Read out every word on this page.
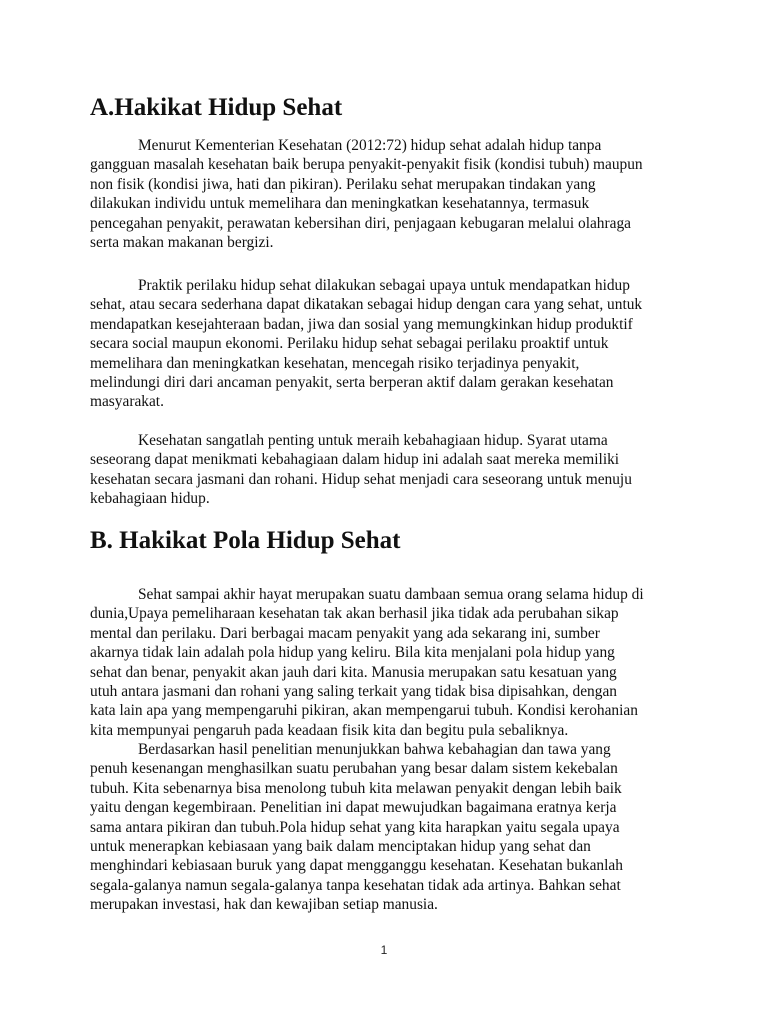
A.Hakikat Hidup Sehat

Menurut Kementerian Kesehatan (2012:72) hidup sehat adalah hidup tanpa
gangguan masalah kesehatan baik berupa penyakit-penyakit fisik (kondisi tubuh) maupun
non fisik (kondisi jiwa, hati dan pikiran). Perilaku sehat merupakan tindakan yang
dilakukan individu untuk memelihara dan meningkatkan kesehatannya, termasuk
pencegahan penyakit, perawatan kebersihan diri, penjagaan kebugaran melalui olahraga
serta makan makanan bergizi.

Praktik perilaku hidup sehat dilakukan sebagai upaya untuk mendapatkan hidup
sehat, atau secara sederhana dapat dikatakan sebagai hidup dengan cara yang sehat, untuk
mendapatkan kesejahteraan badan, jiwa dan sosial yang memungkinkan hidup produktif
secara social maupun ekonomi. Perilaku hidup sehat sebagai perilaku proaktif untuk
memelihara dan meningkatkan kesehatan, mencegah risiko terjadinya penyakit,
melindungi diri dari ancaman penyakit, serta berperan aktif dalam gerakan kesehatan
masyarakat.

Kesehatan sangatlah penting untuk meraih kebahagiaan hidup. Syarat utama
seseorang dapat menikmati kebahagiaan dalam hidup ini adalah saat mereka memiliki
kesehatan secara jasmani dan rohani. Hidup sehat menjadi cara seseorang untuk menuju
kebahagiaan hidup.

B. Hakikat Pola Hidup Sehat

Sehat sampai akhir hayat merupakan suatu dambaan semua orang selama hidup di
dunia,Upaya pemeliharaan kesehatan tak akan berhasil jika tidak ada perubahan sikap
mental dan perilaku. Dari berbagai macam penyakit yang ada sekarang ini, sumber
akarnya tidak lain adalah pola hidup yang keliru. Bila kita menjalani pola hidup yang
sehat dan benar, penyakit akan jauh dari kita. Manusia merupakan satu kesatuan yang
utuh antara jasmani dan rohani yang saling terkait yang tidak bisa dipisahkan, dengan
kata lain apa yang mempengaruhi pikiran, akan mempengarui tubuh. Kondisi kerohanian
kita mempunyai pengaruh pada keadaan fisik kita dan begitu pula sebaliknya.

Berdasarkan hasil penelitian menunjukkan bahwa kebahagian dan tawa yang
penuh kesenangan menghasilkan suatu perubahan yang besar dalam sistem kekebalan
tubuh. Kita sebenarnya bisa menolong tubuh kita melawan penyakit dengan lebih baik
yaitu dengan kegembiraan. Penelitian ini dapat mewujudkan bagaimana eratnya kerja
sama antara pikiran dan tubuh.Pola hidup sehat yang kita harapkan yaitu segala upaya
untuk menerapkan kebiasaan yang baik dalam menciptakan hidup yang sehat dan
menghindari kebiasaan buruk yang dapat mengganggu kesehatan. Kesehatan bukanlah
segala-galanya namun segala-galanya tanpa kesehatan tidak ada artinya. Bahkan sehat
merupakan investasi, hak dan kewajiban setiap manusia.

1
